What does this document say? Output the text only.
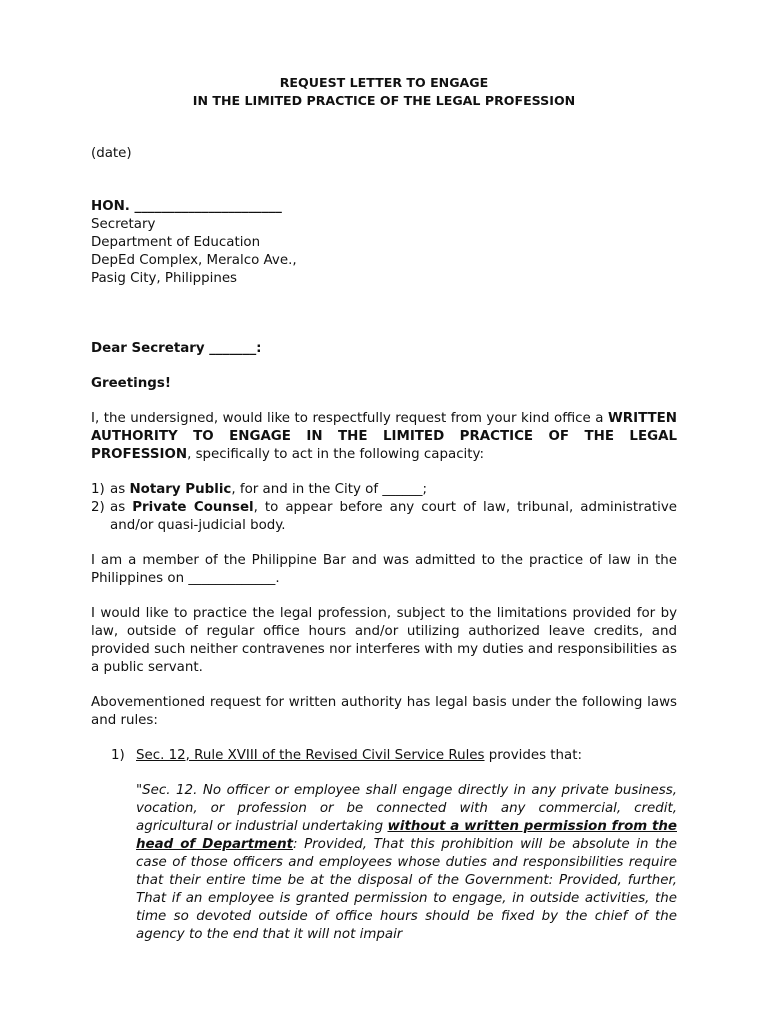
REQUEST LETTER TO ENGAGE

IN THE LIMITED PRACTICE OF THE LEGAL PROFESSION

(date)

HON. ______________________

Secretary

Department of Education

DepEd Complex, Meralco Ave.,

Pasig City, Philippines

Dear Secretary _______:

Greetings!

I, the undersigned, would like to respectfully request from your kind office a WRITTEN AUTHORITY TO ENGAGE IN THE LIMITED PRACTICE OF THE LEGAL PROFESSION, specifically to act in the following capacity:

1) as Notary Public, for and in the City of ______;
2) as Private Counsel, to appear before any court of law, tribunal, administrative and/or quasi-judicial body.

I am a member of the Philippine Bar and was admitted to the practice of law in the Philippines on _____________.

I would like to practice the legal profession, subject to the limitations provided for by law, outside of regular office hours and/or utilizing authorized leave credits, and provided such neither contravenes nor interferes with my duties and responsibilities as a public servant.

Abovementioned request for written authority has legal basis under the following laws and rules:

1) Sec. 12, Rule XVIII of the Revised Civil Service Rules provides that:

"Sec. 12. No officer or employee shall engage directly in any private business, vocation, or profession or be connected with any commercial, credit, agricultural or industrial undertaking without a written permission from the head of Department: Provided, That this prohibition will be absolute in the case of those officers and employees whose duties and responsibilities require that their entire time be at the disposal of the Government: Provided, further, That if an employee is granted permission to engage, in outside activities, the time so devoted outside of office hours should be fixed by the chief of the agency to the end that it will not impair
